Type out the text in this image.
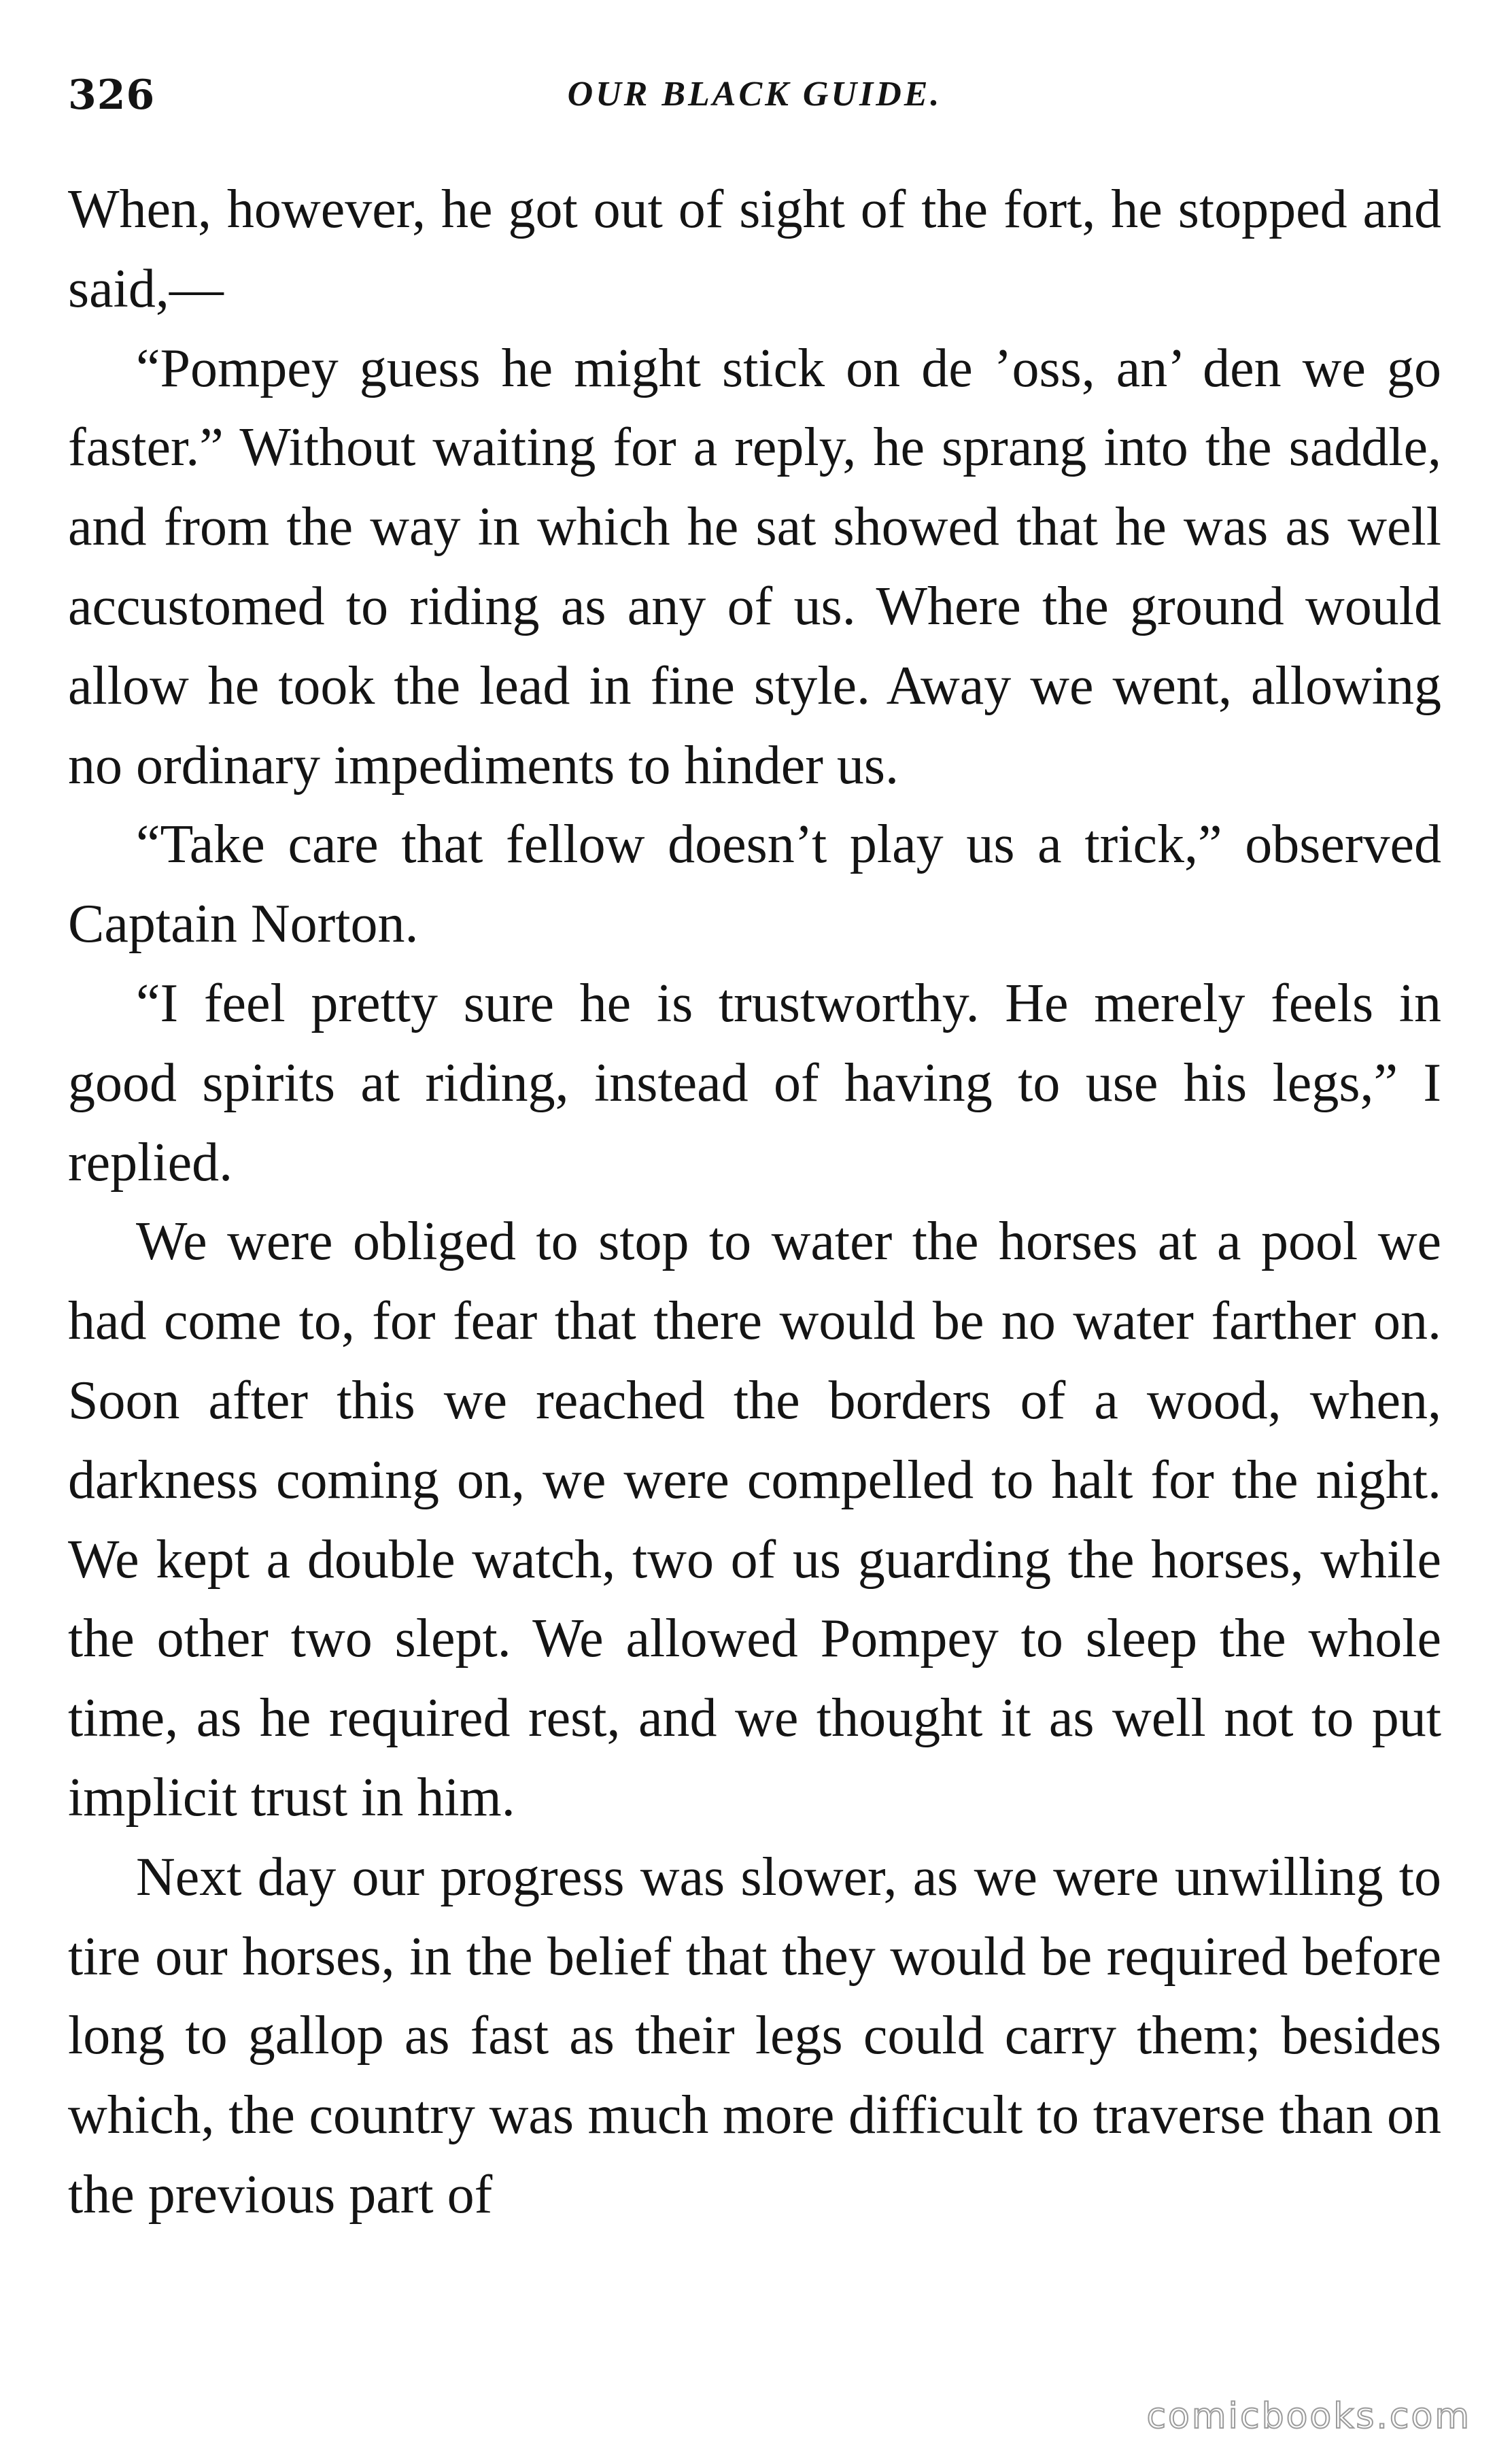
326	OUR BLACK GUIDE.

When, however, he got out of sight of the fort, he stopped and said,—

“Pompey guess he might stick on de ’oss, an’ den we go faster.” Without waiting for a reply, he sprang into the saddle, and from the way in which he sat showed that he was as well accustomed to riding as any of us. Where the ground would allow he took the lead in fine style. Away we went, allowing no ordinary impediments to hinder us.

“Take care that fellow doesn’t play us a trick,” observed Captain Norton.

“I feel pretty sure he is trustworthy. He merely feels in good spirits at riding, instead of having to use his legs,” I replied.

We were obliged to stop to water the horses at a pool we had come to, for fear that there would be no water farther on. Soon after this we reached the borders of a wood, when, darkness coming on, we were compelled to halt for the night. We kept a double watch, two of us guarding the horses, while the other two slept. We allowed Pompey to sleep the whole time, as he required rest, and we thought it as well not to put implicit trust in him.

Next day our progress was slower, as we were unwilling to tire our horses, in the belief that they would be required before long to gallop as fast as their legs could carry them; besides which, the country was much more difficult to traverse than on the previous part of

comicbooks.com
